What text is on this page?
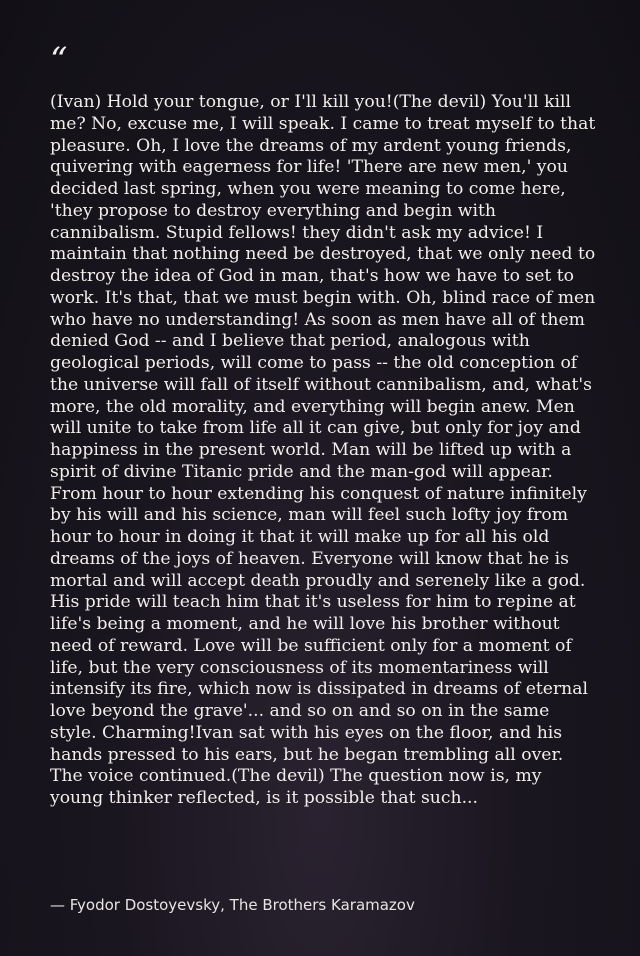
“

(Ivan) Hold your tongue, or I'll kill you!(The devil) You'll kill me? No, excuse me, I will speak. I came to treat myself to that pleasure. Oh, I love the dreams of my ardent young friends, quivering with eagerness for life! 'There are new men,' you decided last spring, when you were meaning to come here, 'they propose to destroy everything and begin with cannibalism. Stupid fellows! they didn't ask my advice! I maintain that nothing need be destroyed, that we only need to destroy the idea of God in man, that's how we have to set to work. It's that, that we must begin with. Oh, blind race of men who have no understanding! As soon as men have all of them denied God -- and I believe that period, analogous with geological periods, will come to pass -- the old conception of the universe will fall of itself without cannibalism, and, what's more, the old morality, and everything will begin anew. Men will unite to take from life all it can give, but only for joy and happiness in the present world. Man will be lifted up with a spirit of divine Titanic pride and the man-god will appear. From hour to hour extending his conquest of nature infinitely by his will and his science, man will feel such lofty joy from hour to hour in doing it that it will make up for all his old dreams of the joys of heaven. Everyone will know that he is mortal and will accept death proudly and serenely like a god. His pride will teach him that it's useless for him to repine at life's being a moment, and he will love his brother without need of reward. Love will be sufficient only for a moment of life, but the very consciousness of its momentariness will intensify its fire, which now is dissipated in dreams of eternal love beyond the grave'... and so on and so on in the same style. Charming!Ivan sat with his eyes on the floor, and his hands pressed to his ears, but he began trembling all over. The voice continued.(The devil) The question now is, my young thinker reflected, is it possible that such...

— Fyodor Dostoyevsky, The Brothers Karamazov
